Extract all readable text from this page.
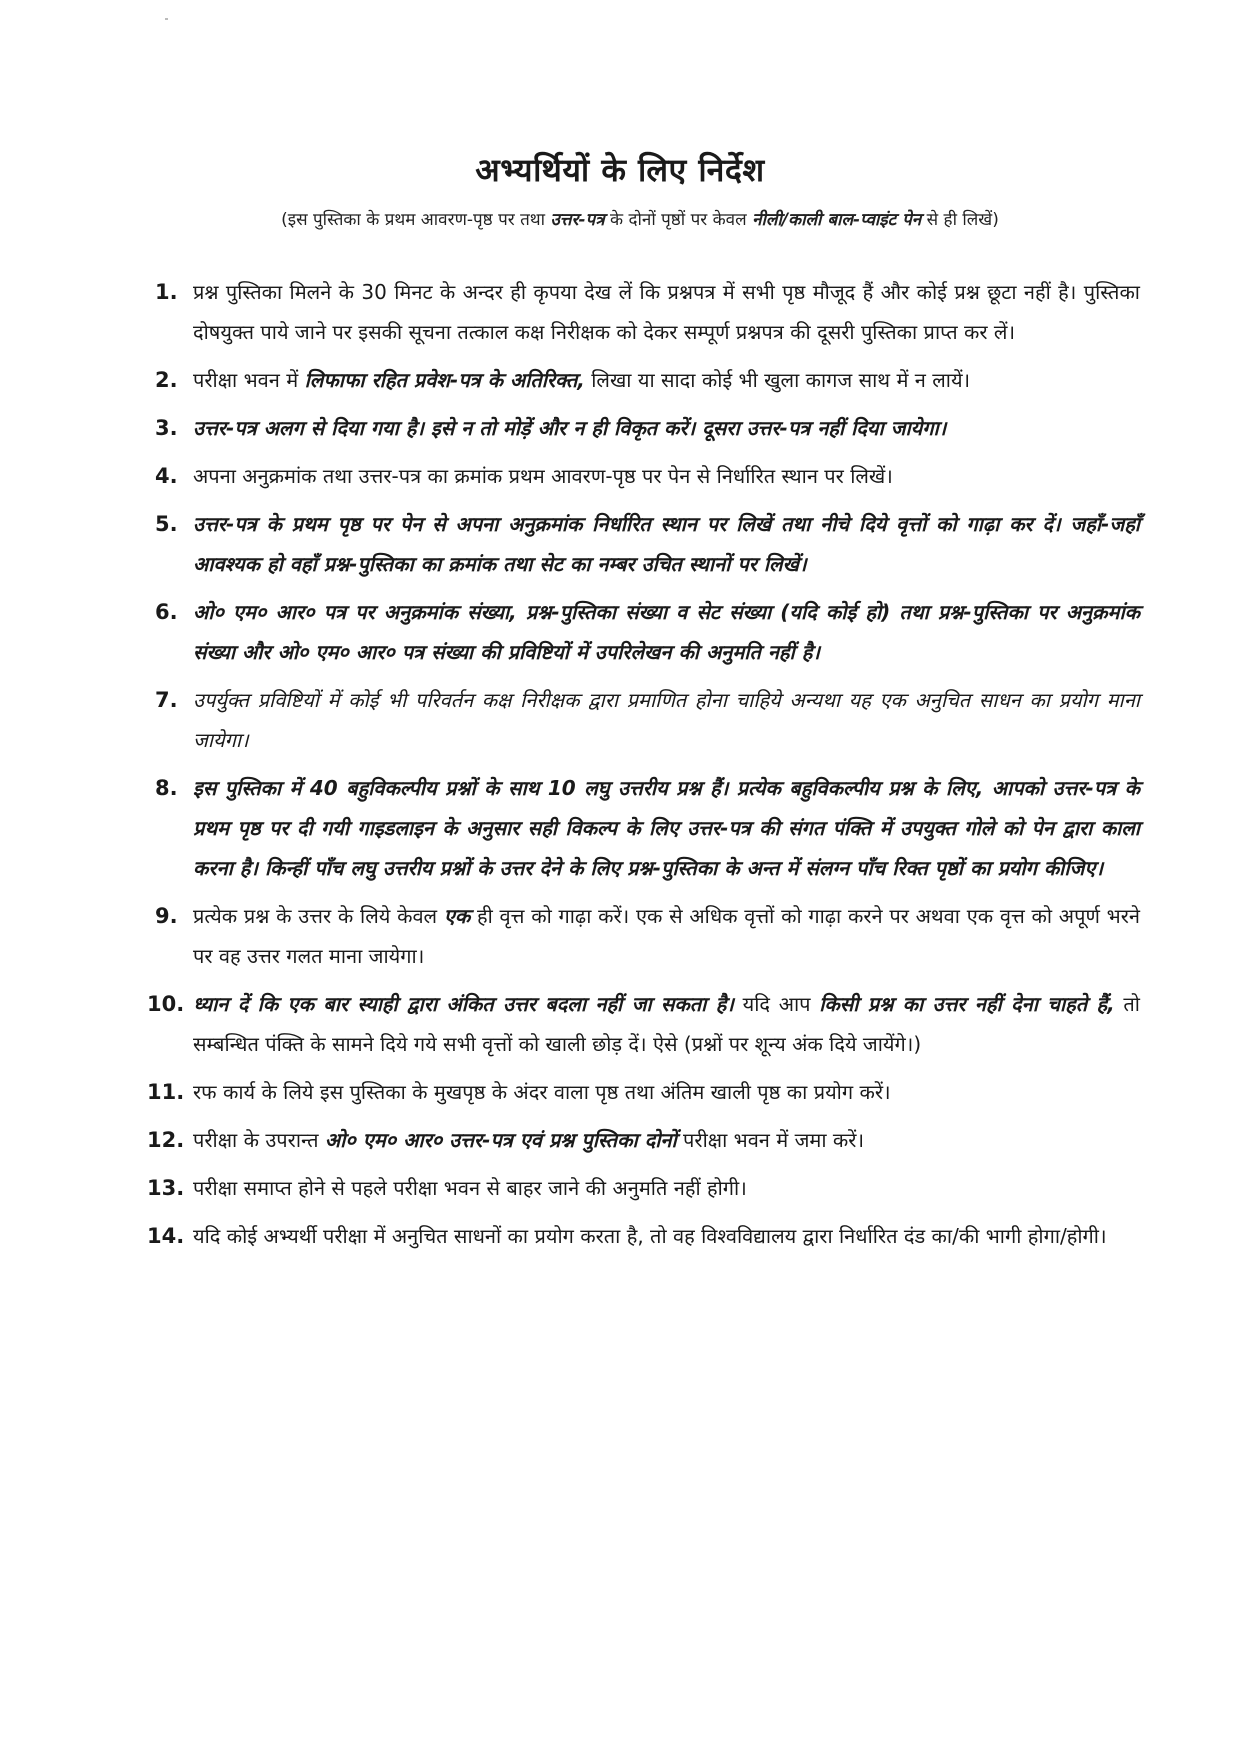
अभ्यर्थियों के लिए निर्देश
(इस पुस्तिका के प्रथम आवरण-पृष्ठ पर तथा उत्तर-पत्र के दोनों पृष्ठों पर केवल नीली/काली बाल-प्वाइंट पेन से ही लिखें)
1. प्रश्न पुस्तिका मिलने के 30 मिनट के अन्दर ही कृपया देख लें कि प्रश्नपत्र में सभी पृष्ठ मौजूद हैं और कोई प्रश्न छूटा नहीं है। पुस्तिका दोषयुक्त पाये जाने पर इसकी सूचना तत्काल कक्ष निरीक्षक को देकर सम्पूर्ण प्रश्नपत्र की दूसरी पुस्तिका प्राप्त कर लें।
2. परीक्षा भवन में लिफाफा रहित प्रवेश-पत्र के अतिरिक्त, लिखा या सादा कोई भी खुला कागज साथ में न लायें।
3. उत्तर-पत्र अलग से दिया गया है। इसे न तो मोड़ें और न ही विकृत करें। दूसरा उत्तर-पत्र नहीं दिया जायेगा।
4. अपना अनुक्रमांक तथा उत्तर-पत्र का क्रमांक प्रथम आवरण-पृष्ठ पर पेन से निर्धारित स्थान पर लिखें।
5. उत्तर-पत्र के प्रथम पृष्ठ पर पेन से अपना अनुक्रमांक निर्धारित स्थान पर लिखें तथा नीचे दिये वृत्तों को गाढ़ा कर दें। जहाँ-जहाँ आवश्यक हो वहाँ प्रश्न-पुस्तिका का क्रमांक तथा सेट का नम्बर उचित स्थानों पर लिखें।
6. ओ० एम० आर० पत्र पर अनुक्रमांक संख्या, प्रश्न-पुस्तिका संख्या व सेट संख्या (यदि कोई हो) तथा प्रश्न-पुस्तिका पर अनुक्रमांक संख्या और ओ० एम० आर० पत्र संख्या की प्रविष्टियों में उपरिलेखन की अनुमति नहीं है।
7. उपर्युक्त प्रविष्टियों में कोई भी परिवर्तन कक्ष निरीक्षक द्वारा प्रमाणित होना चाहिये अन्यथा यह एक अनुचित साधन का प्रयोग माना जायेगा।
8. इस पुस्तिका में 40 बहुविकल्पीय प्रश्नों के साथ 10 लघु उत्तरीय प्रश्न हैं। प्रत्येक बहुविकल्पीय प्रश्न के लिए, आपको उत्तर-पत्र के प्रथम पृष्ठ पर दी गयी गाइडलाइन के अनुसार सही विकल्प के लिए उत्तर-पत्र की संगत पंक्ति में उपयुक्त गोले को पेन द्वारा काला करना है। किन्हीं पाँच लघु उत्तरीय प्रश्नों के उत्तर देने के लिए प्रश्न-पुस्तिका के अन्त में संलग्न पाँच रिक्त पृष्ठों का प्रयोग कीजिए।
9. प्रत्येक प्रश्न के उत्तर के लिये केवल एक ही वृत्त को गाढ़ा करें। एक से अधिक वृत्तों को गाढ़ा करने पर अथवा एक वृत्त को अपूर्ण भरने पर वह उत्तर गलत माना जायेगा।
10. ध्यान दें कि एक बार स्याही द्वारा अंकित उत्तर बदला नहीं जा सकता है। यदि आप किसी प्रश्न का उत्तर नहीं देना चाहते हैं, तो सम्बन्धित पंक्ति के सामने दिये गये सभी वृत्तों को खाली छोड़ दें। ऐसे (प्रश्नों पर शून्य अंक दिये जायेंगे।)
11. रफ कार्य के लिये इस पुस्तिका के मुखपृष्ठ के अंदर वाला पृष्ठ तथा अंतिम खाली पृष्ठ का प्रयोग करें।
12. परीक्षा के उपरान्त ओ० एम० आर० उत्तर-पत्र एवं प्रश्न पुस्तिका दोनों परीक्षा भवन में जमा करें।
13. परीक्षा समाप्त होने से पहले परीक्षा भवन से बाहर जाने की अनुमति नहीं होगी।
14. यदि कोई अभ्यर्थी परीक्षा में अनुचित साधनों का प्रयोग करता है, तो वह विश्वविद्यालय द्वारा निर्धारित दंड का/की भागी होगा/होगी।
